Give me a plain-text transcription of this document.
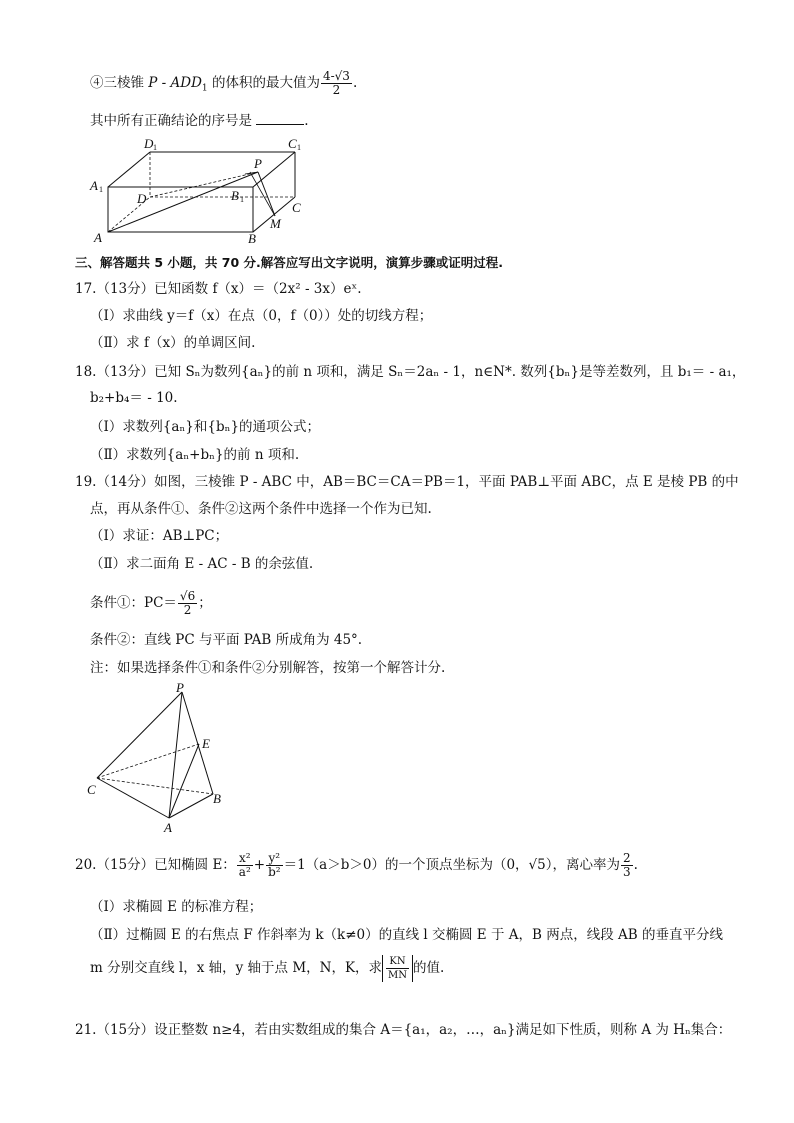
④三棱锥 P - $ADD_1$ 的体积的最大值为 $\frac{4-√3}{2}$ .
其中所有正确结论的序号是	.
D 1	C 1
A 1	B 1
P
D
C
A	B
M
三、解答题共 5 小题，共 70 分.解答应写出文字说明，演算步骤或证明过程.
17.（13分）已知函数 f（x）＝（2x² - 3x）eˣ.
（Ⅰ）求曲线 y＝f（x）在点（0，f（0））处的切线方程；
（Ⅱ）求 f（x）的单调区间.
18.（13分）已知 Sₙ为数列{aₙ}的前 n 项和，满足 Sₙ＝2aₙ - 1，n∈N*. 数列{bₙ}是等差数列，且 b₁＝ - a₁，
b₂+b₄＝ - 10.
（Ⅰ）求数列{aₙ}和{bₙ}的通项公式；
（Ⅱ）求数列{aₙ+bₙ}的前 n 项和.
19.（14分）如图，三棱锥 P - ABC 中，AB＝BC＝CA＝PB＝1，平面 PAB⊥平面 ABC，点 E 是棱 PB 的中
点，再从条件①、条件②这两个条件中选择一个作为已知.
（Ⅰ）求证：AB⊥PC；
（Ⅱ）求二面角 E - AC - B 的余弦值.
条件①：$PC= \frac{√6}{2}$ ；
条件②：直线 PC 与平面 PAB 所成角为 45°.
注：如果选择条件①和条件②分别解答，按第一个解答计分.
P
E
C
B
A
20.（15分）已知椭圆 E： $\frac{\text{x²}}{\text{a²}} + \frac{\text{y²}}{\text{b²}} =1(a>b>0)$的一个顶点坐标为（0，√5），离心率为 $\frac{2}{3}$ .
（Ⅰ）求椭圆 E 的标准方程；
（Ⅱ）过椭圆 E 的右焦点 F 作斜率为 k（k≠0）的直线 l 交椭圆 E 于 A，B 两点，线段 AB 的垂直平分线
m 分别交直线 l，x 轴，y 轴于点 M，N，K，求 $\frac{KN}{MN}$ 的值.
21.（15分）设正整数 n≥4，若由实数组成的集合 A＝{a₁，a₂，…，aₙ}满足如下性质，则称 A 为 Hₙ集合：
